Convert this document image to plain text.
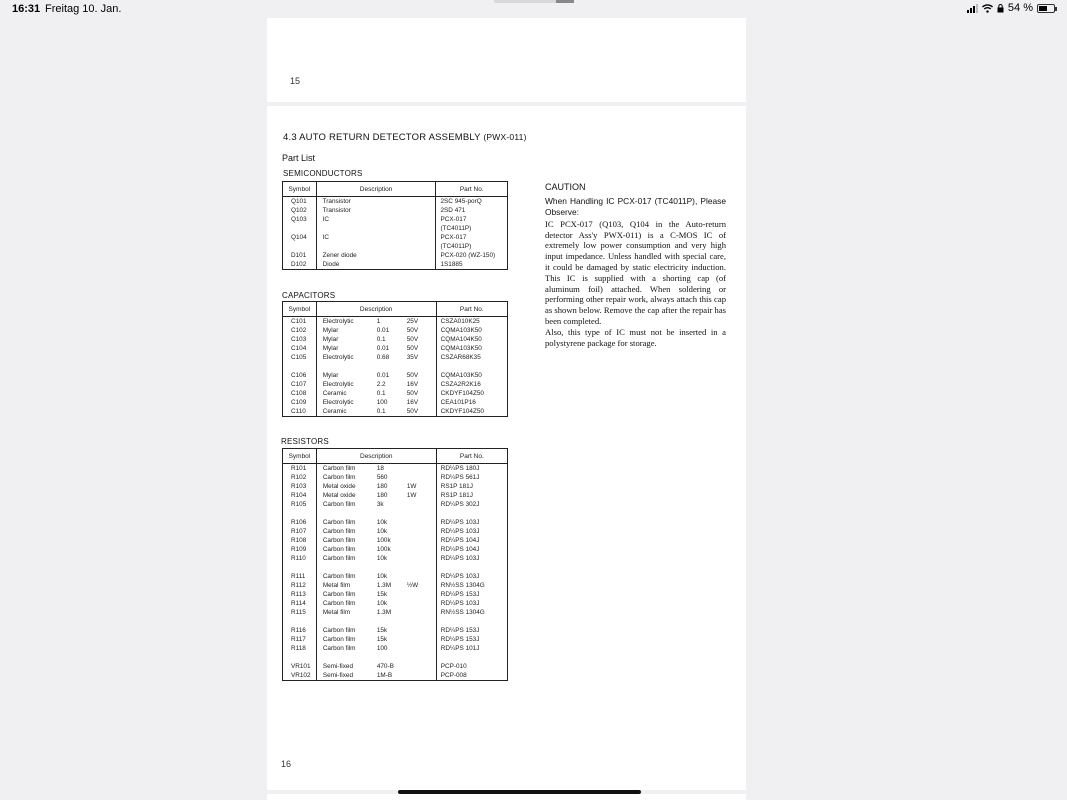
16:31 Freitag 10. Jan.	54 %
15
4.3 AUTO RETURN DETECTOR ASSEMBLY (PWX-011)
Part List
SEMICONDUCTORS
Symbol	Description	Part No.
Q101	Transistor	2SC 945-porQ
Q102	Transistor	2SD 471
Q103	IC	PCX-017

	(TC4011P)
Q104	IC	PCX-017

	(TC4011P)
D101	Zener diode	PCX-020 (WZ-150)
D102	Diode	1S1885
CAPACITORS
Symbol	Description	Part No.
C101	Electrolytic 1 25V	CSZA010K25
C102	Mylar 0.01 50V	CQMA103K50
C103	Mylar 0.1 50V	CQMA104K50
C104	Mylar 0.01 50V	CQMA103K50
C105	Electrolytic 0.68 35V	CSZAR68K35

C106	Mylar 0.01 50V	CQMA103K50
C107	Electrolytic 2.2 16V	CSZA2R2K16
C108	Ceramic 0.1 50V	CKDYF104Z50
C109	Electrolytic 100 16V	CEA101P16
C110	Ceramic 0.1 50V	CKDYF104Z50
RESISTORS
Symbol	Description	Part No.
R101	Carbon film 18	RD¼PS 180J
R102	Carbon film 560	RD¼PS 561J
R103	Metal oxide 180 1W	RS1P 181J
R104	Metal oxide 180 1W	RS1P 181J
R105	Carbon film 3k	RD¼PS 302J

R106	Carbon film 10k	RD¼PS 103J
R107	Carbon film 10k	RD¼PS 103J
R108	Carbon film 100k	RD¼PS 104J
R109	Carbon film 100k	RD¼PS 104J
R110	Carbon film 10k	RD¼PS 103J

R111	Carbon film 10k	RD¼PS 103J
R112	Metal film 1.3M ½W	RN½SS 1304G
R113	Carbon film 15k	RD¼PS 153J
R114	Carbon film 10k	RD¼PS 103J
R115	Metal film 1.3M	RN½SS 1304G

R116	Carbon film 15k	RD¼PS 153J
R117	Carbon film 15k	RD¼PS 153J
R118	Carbon film 100	RD¼PS 101J

VR101	Semi-fixed 470-B	PCP-010
VR102	Semi-fixed 1M-B	PCP-008
CAUTION
When Handling IC PCX-017 (TC4011P), Please Observe:
IC PCX-017 (Q103, Q104 in the Auto-return detector Ass'y PWX-011) is a C-MOS IC of extremely low power consumption and very high input impedance. Unless handled with special care, it could be damaged by static electricity induction. This IC is supplied with a shorting cap (of aluminum foil) attached. When soldering or performing other repair work, always attach this cap as shown below. Remove the cap after the repair has been completed.
Also, this type of IC must not be inserted in a polystyrene package for storage.
16
